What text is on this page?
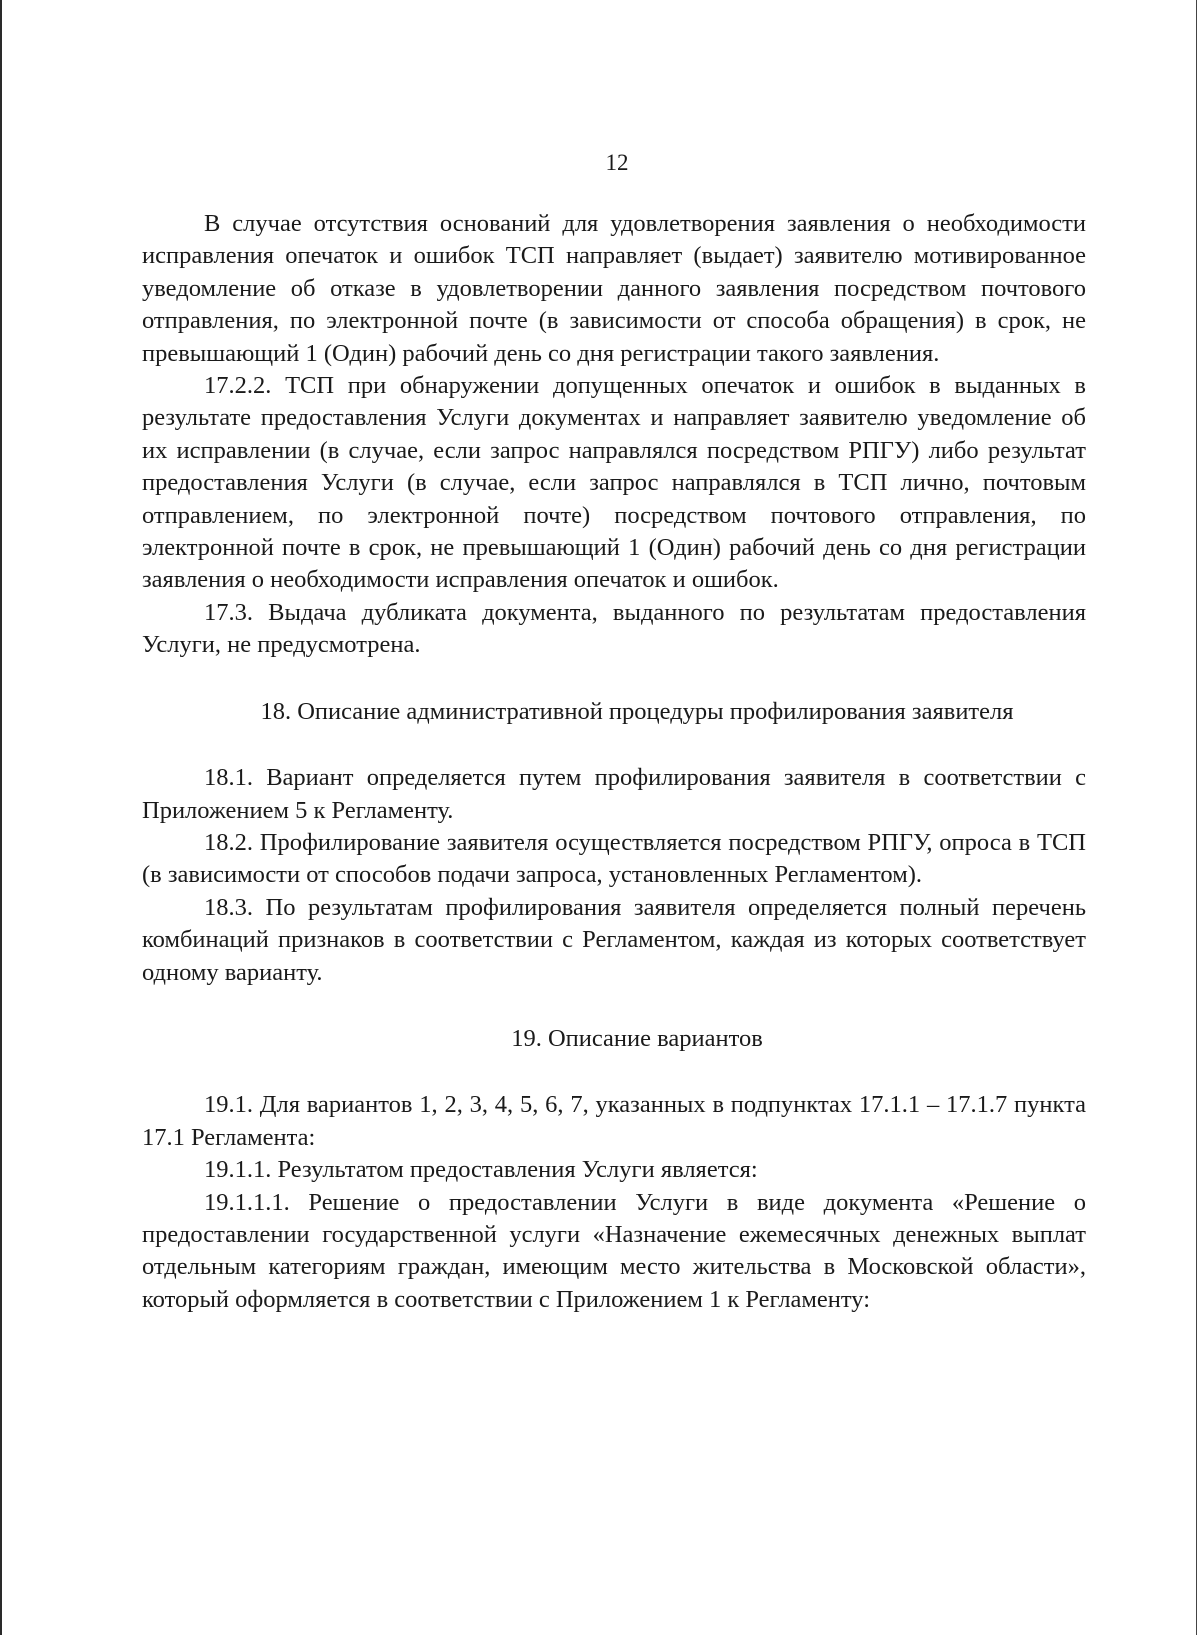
12

В случае отсутствия оснований для удовлетворения заявления о необходимости исправления опечаток и ошибок ТСП направляет (выдает) заявителю мотивированное уведомление об отказе в удовлетворении данного заявления посредством почтового отправления, по электронной почте (в зависимости от способа обращения) в срок, не превышающий 1 (Один) рабочий день со дня регистрации такого заявления.

17.2.2. ТСП при обнаружении допущенных опечаток и ошибок в выданных в результате предоставления Услуги документах и направляет заявителю уведомление об их исправлении (в случае, если запрос направлялся посредством РПГУ) либо результат предоставления Услуги (в случае, если запрос направлялся в ТСП лично, почтовым отправлением, по электронной почте) посредством почтового отправления, по электронной почте в срок, не превышающий 1 (Один) рабочий день со дня регистрации заявления о необходимости исправления опечаток и ошибок.

17.3. Выдача дубликата документа, выданного по результатам предоставления Услуги, не предусмотрена.

18. Описание административной процедуры профилирования заявителя

18.1. Вариант определяется путем профилирования заявителя в соответствии с Приложением 5 к Регламенту.

18.2. Профилирование заявителя осуществляется посредством РПГУ, опроса в ТСП (в зависимости от способов подачи запроса, установленных Регламентом).

18.3. По результатам профилирования заявителя определяется полный перечень комбинаций признаков в соответствии с Регламентом, каждая из которых соответствует одному варианту.

19. Описание вариантов

19.1. Для вариантов 1, 2, 3, 4, 5, 6, 7, указанных в подпунктах 17.1.1 – 17.1.7 пункта 17.1 Регламента:

19.1.1. Результатом предоставления Услуги является:

19.1.1.1. Решение о предоставлении Услуги в виде документа «Решение о предоставлении государственной услуги «Назначение ежемесячных денежных выплат отдельным категориям граждан, имеющим место жительства в Московской области», который оформляется в соответствии с Приложением 1 к Регламенту:
